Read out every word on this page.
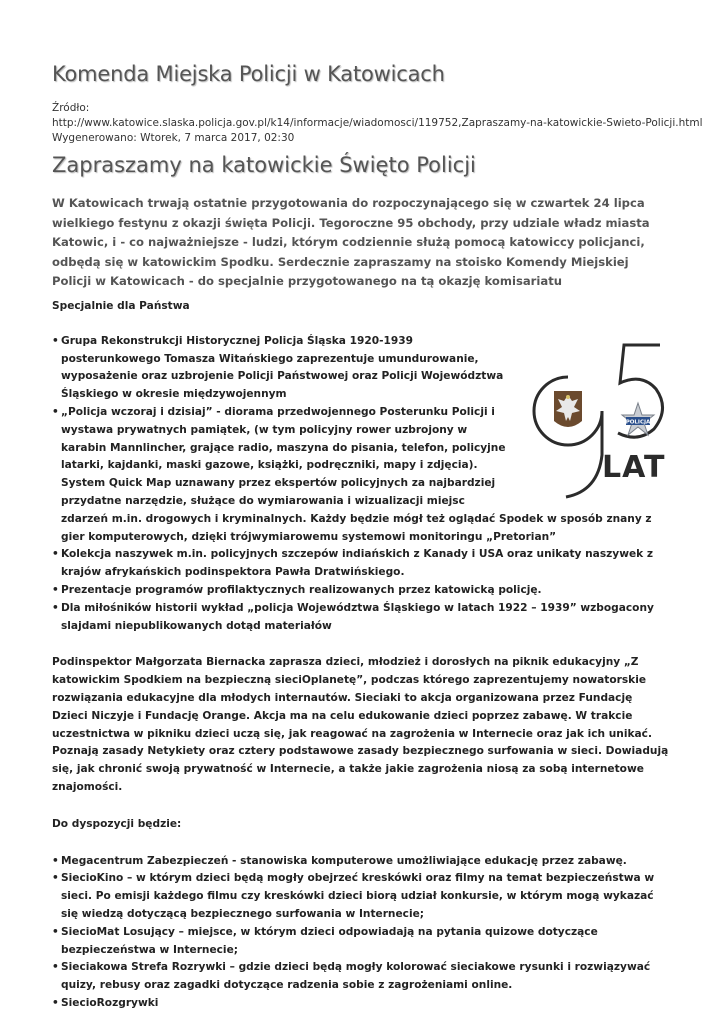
Komenda Miejska Policji w Katowicach
Źródło:
http://www.katowice.slaska.policja.gov.pl/k14/informacje/wiadomosci/119752,Zapraszamy-na-katowickie-Swieto-Policji.html
Wygenerowano: Wtorek, 7 marca 2017, 02:30
Zapraszamy na katowickie Święto Policji
W Katowicach trwają ostatnie przygotowania do rozpoczynającego się w czwartek 24 lipca wielkiego festynu z okazji święta Policji. Tegoroczne 95 obchody, przy udziale władz miasta Katowic, i - co najważniejsze - ludzi, którym codziennie służą pomocą katowiccy policjanci, odbędą się w katowickim Spodku. Serdecznie zapraszamy na stoisko Komendy Miejskiej Policji w Katowicach - do specjalnie przygotowanego na tą okazję komisariatu

Specjalnie dla Państwa

POLICJA
LAT
• Grupa Rekonstrukcji Historycznej Policja Śląska 1920-1939 posterunkowego Tomasza Witańskiego zaprezentuje umundurowanie, wyposażenie oraz uzbrojenie Policji Państwowej oraz Policji Województwa Śląskiego w okresie międzywojennym
• „Policja wczoraj i dzisiaj” - diorama przedwojennego Posterunku Policji i wystawa prywatnych pamiątek, (w tym policyjny rower uzbrojony w karabin Mannlincher, grające radio, maszyna do pisania, telefon, policyjne latarki, kajdanki, maski gazowe, książki, podręczniki, mapy i zdjęcia). System Quick Map uznawany przez ekspertów policyjnych za najbardziej przydatne narzędzie, służące do wymiarowania i wizualizacji miejsc zdarzeń m.in. drogowych i kryminalnych. Każdy będzie mógł też oglądać Spodek w sposób znany z gier komputerowych, dzięki trójwymiarowemu systemowi monitoringu „Pretorian”
• Kolekcja naszywek m.in. policyjnych szczepów indiańskich z Kanady i USA oraz unikaty naszywek z krajów afrykańskich podinspektora Pawła Dratwińskiego.
• Prezentacje programów profilaktycznych realizowanych przez katowicką policję.
• Dla miłośników historii wykład „policja Województwa Śląskiego w latach 1922 – 1939” wzbogacony slajdami niepublikowanych dotąd materiałów

Podinspektor Małgorzata Biernacka zaprasza dzieci, młodzież i dorosłych na piknik edukacyjny „Z katowickim Spodkiem na bezpieczną sieciOplanetę”, podczas którego zaprezentujemy nowatorskie rozwiązania edukacyjne dla młodych internautów. Sieciaki to akcja organizowana przez Fundację Dzieci Niczyje i Fundację Orange. Akcja ma na celu edukowanie dzieci poprzez zabawę. W trakcie uczestnictwa w pikniku dzieci uczą się, jak reagować na zagrożenia w Internecie oraz jak ich unikać. Poznają zasady Netykiety oraz cztery podstawowe zasady bezpiecznego surfowania w sieci. Dowiadują się, jak chronić swoją prywatność w Internecie, a także jakie zagrożenia niosą za sobą internetowe znajomości.

Do dyspozycji będzie:

• Megacentrum Zabezpieczeń - stanowiska komputerowe umożliwiające edukację przez zabawę.
• SiecioKino – w którym dzieci będą mogły obejrzeć kreskówki oraz filmy na temat bezpieczeństwa w sieci. Po emisji każdego filmu czy kreskówki dzieci biorą udział konkursie, w którym mogą wykazać się wiedzą dotyczącą bezpiecznego surfowania w Internecie;
• SiecioMat Losujący – miejsce, w którym dzieci odpowiadają na pytania quizowe dotyczące bezpieczeństwa w Internecie;
• Sieciakowa Strefa Rozrywki – gdzie dzieci będą mogły kolorować sieciakowe rysunki i rozwiązywać quizy, rebusy oraz zagadki dotyczące radzenia sobie z zagrożeniami online.
• SiecioRozgrywki
